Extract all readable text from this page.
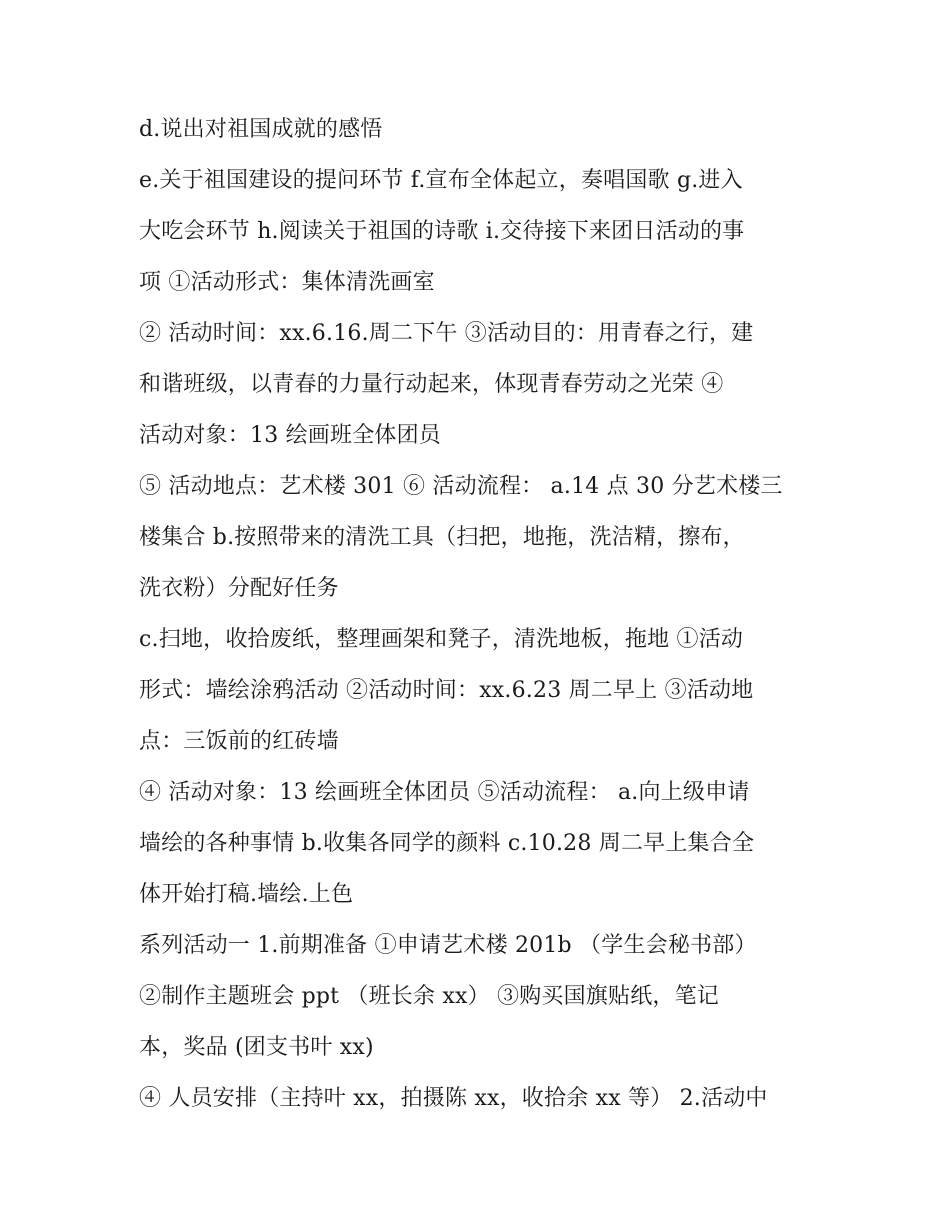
d.说出对祖国成就的感悟
e.关于祖国建设的提问环节 f.宣布全体起立，奏唱国歌 g.进入
大吃会环节 h.阅读关于祖国的诗歌 i.交待接下来团日活动的事
项 ①活动形式：集体清洗画室
② 活动时间：xx.6.16.周二下午 ③活动目的：用青春之行，建
和谐班级，以青春的力量行动起来，体现青春劳动之光荣 ④
活动对象：13 绘画班全体团员
⑤ 活动地点：艺术楼 301 ⑥ 活动流程： a.14 点 30 分艺术楼三
楼集合 b.按照带来的清洗工具（扫把，地拖，洗洁精，擦布，
洗衣粉）分配好任务
c.扫地，收拾废纸，整理画架和凳子，清洗地板，拖地 ①活动
形式：墙绘涂鸦活动 ②活动时间：xx.6.23 周二早上 ③活动地
点：三饭前的红砖墙
④ 活动对象：13 绘画班全体团员 ⑤活动流程： a.向上级申请
墙绘的各种事情 b.收集各同学的颜料 c.10.28 周二早上集合全
体开始打稿.墙绘.上色
系列活动一 1.前期准备 ①申请艺术楼 201b （学生会秘书部）
②制作主题班会 ppt （班长余 xx） ③购买国旗贴纸，笔记
本，奖品 (团支书叶 xx)
④ 人员安排（主持叶 xx，拍摄陈 xx，收拾余 xx 等） 2.活动中
